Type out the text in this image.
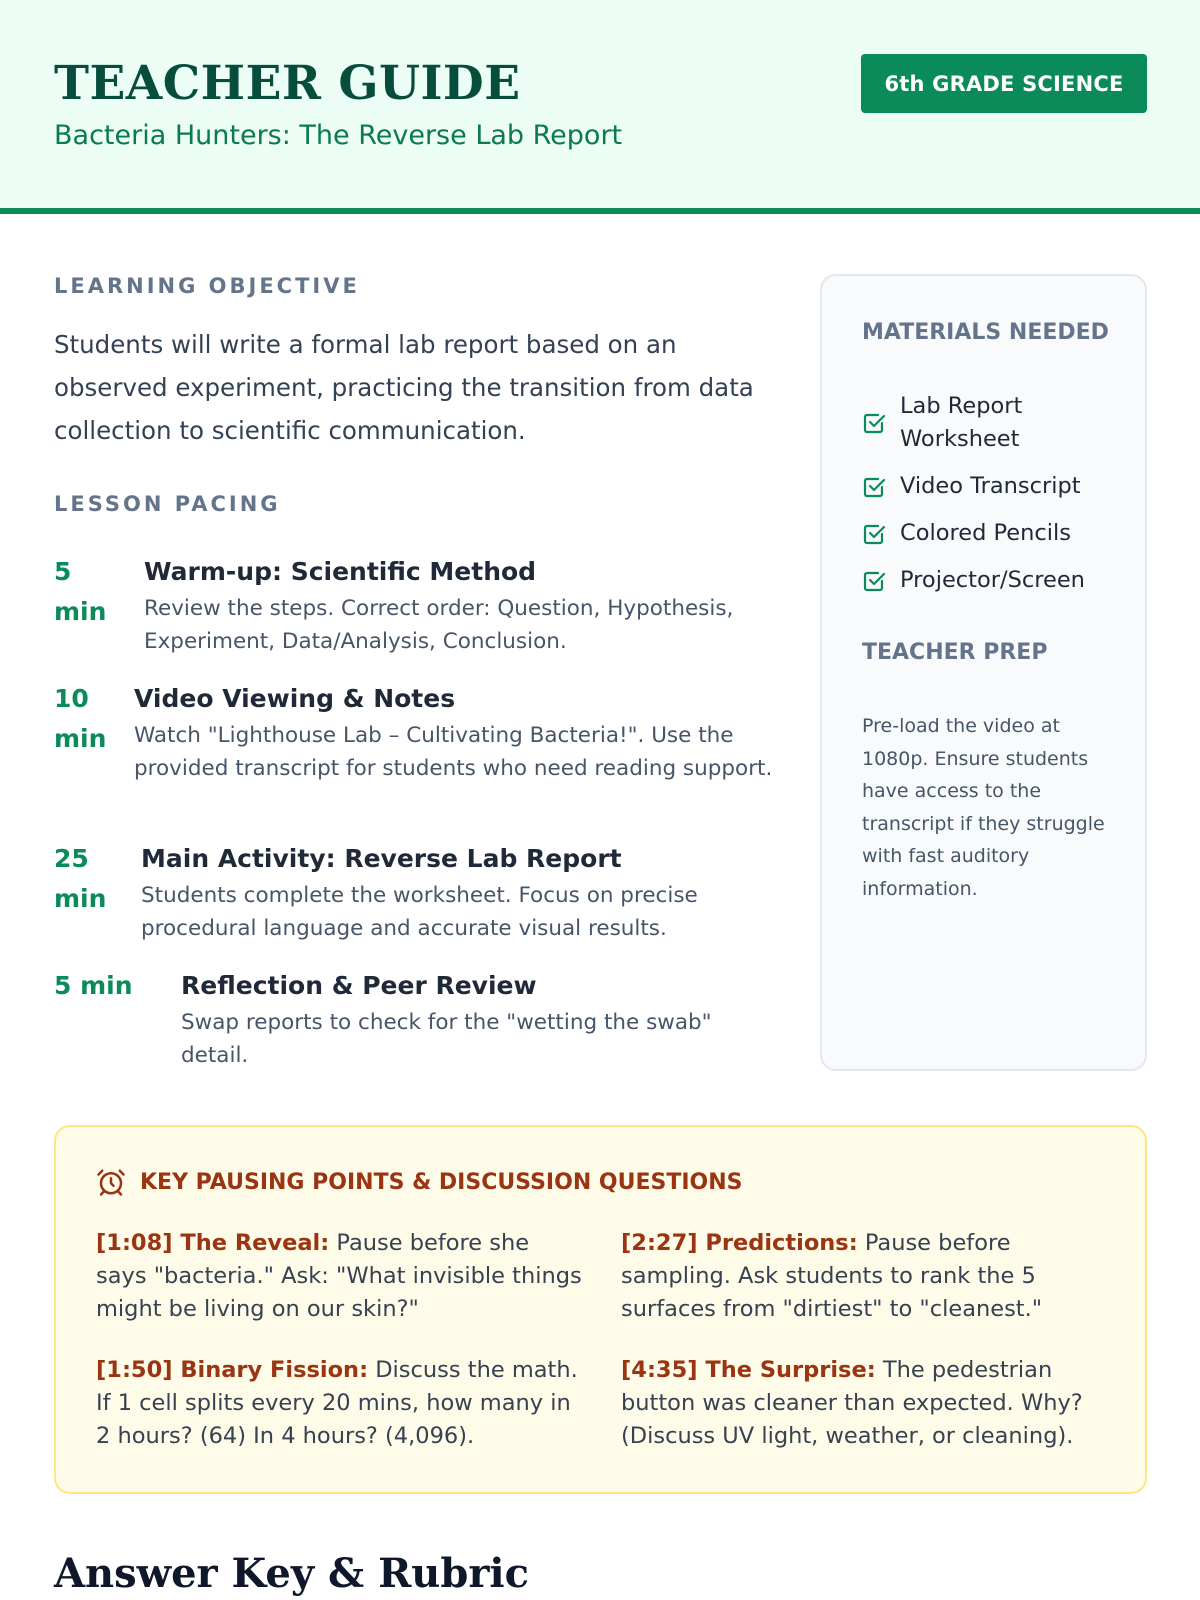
TEACHER GUIDE
Bacteria Hunters: The Reverse Lab Report
6th GRADE SCIENCE
LEARNING OBJECTIVE
Students will write a formal lab report based on an observed experiment, practicing the transition from data collection to scientific communication.
LESSON PACING
5 min
Warm-up: Scientific Method
Review the steps. Correct order: Question, Hypothesis, Experiment, Data/Analysis, Conclusion.
10 min
Video Viewing & Notes
Watch "Lighthouse Lab – Cultivating Bacteria!". Use the provided transcript for students who need reading support.
25 min
Main Activity: Reverse Lab Report
Students complete the worksheet. Focus on precise procedural language and accurate visual results.
5 min	Reflection & Peer Review
Swap reports to check for the "wetting the swab" detail.
MATERIALS NEEDED
Lab Report Worksheet
Video Transcript
Colored Pencils
Projector/Screen
TEACHER PREP
Pre-load the video at 1080p. Ensure students have access to the transcript if they struggle with fast auditory information.
KEY PAUSING POINTS & DISCUSSION QUESTIONS
[1:08] The Reveal: Pause before she says "bacteria." Ask: "What invisible things might be living on our skin?"
[2:27] Predictions: Pause before sampling. Ask students to rank the 5 surfaces from "dirtiest" to "cleanest."
[1:50] Binary Fission: Discuss the math. If 1 cell splits every 20 mins, how many in 2 hours? (64) In 4 hours? (4,096).
[4:35] The Surprise: The pedestrian button was cleaner than expected. Why? (Discuss UV light, weather, or cleaning).
Answer Key & Rubric
